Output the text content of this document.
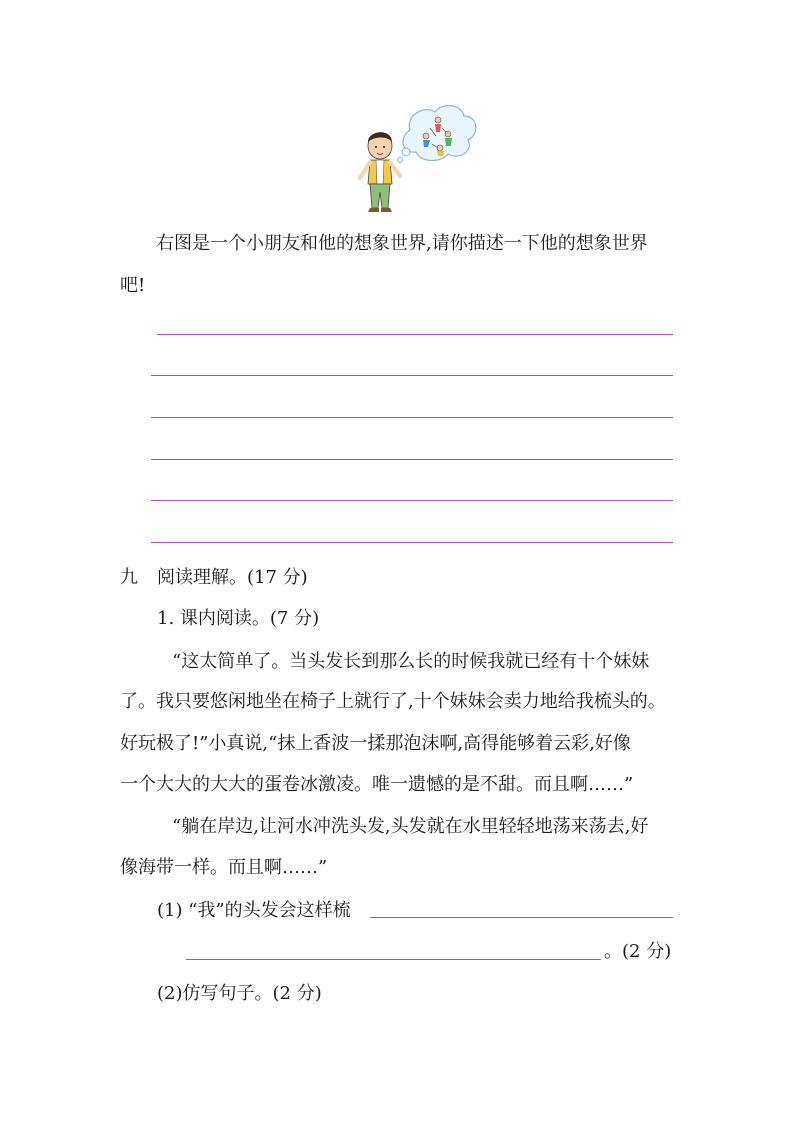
右图是一个小朋友和他的想象世界,请你描述一下他的想象世界
吧!
九 阅读理解。(17 分)
1. 课内阅读。(7 分)
“这太简单了。当头发长到那么长的时候我就已经有十个妹妹
了。我只要悠闲地坐在椅子上就行了,十个妹妹会卖力地给我梳头的。
好玩极了!”小真说,“抹上香波一揉那泡沫啊,高得能够着云彩,好像
一个大大的大大的蛋卷冰激凌。唯一遗憾的是不甜。而且啊……”
“躺在岸边,让河水冲洗头发,头发就在水里轻轻地荡来荡去,好
像海带一样。而且啊……”
(1) “我”的头发会这样梳
。(2 分)
(2)仿写句子。(2 分)
